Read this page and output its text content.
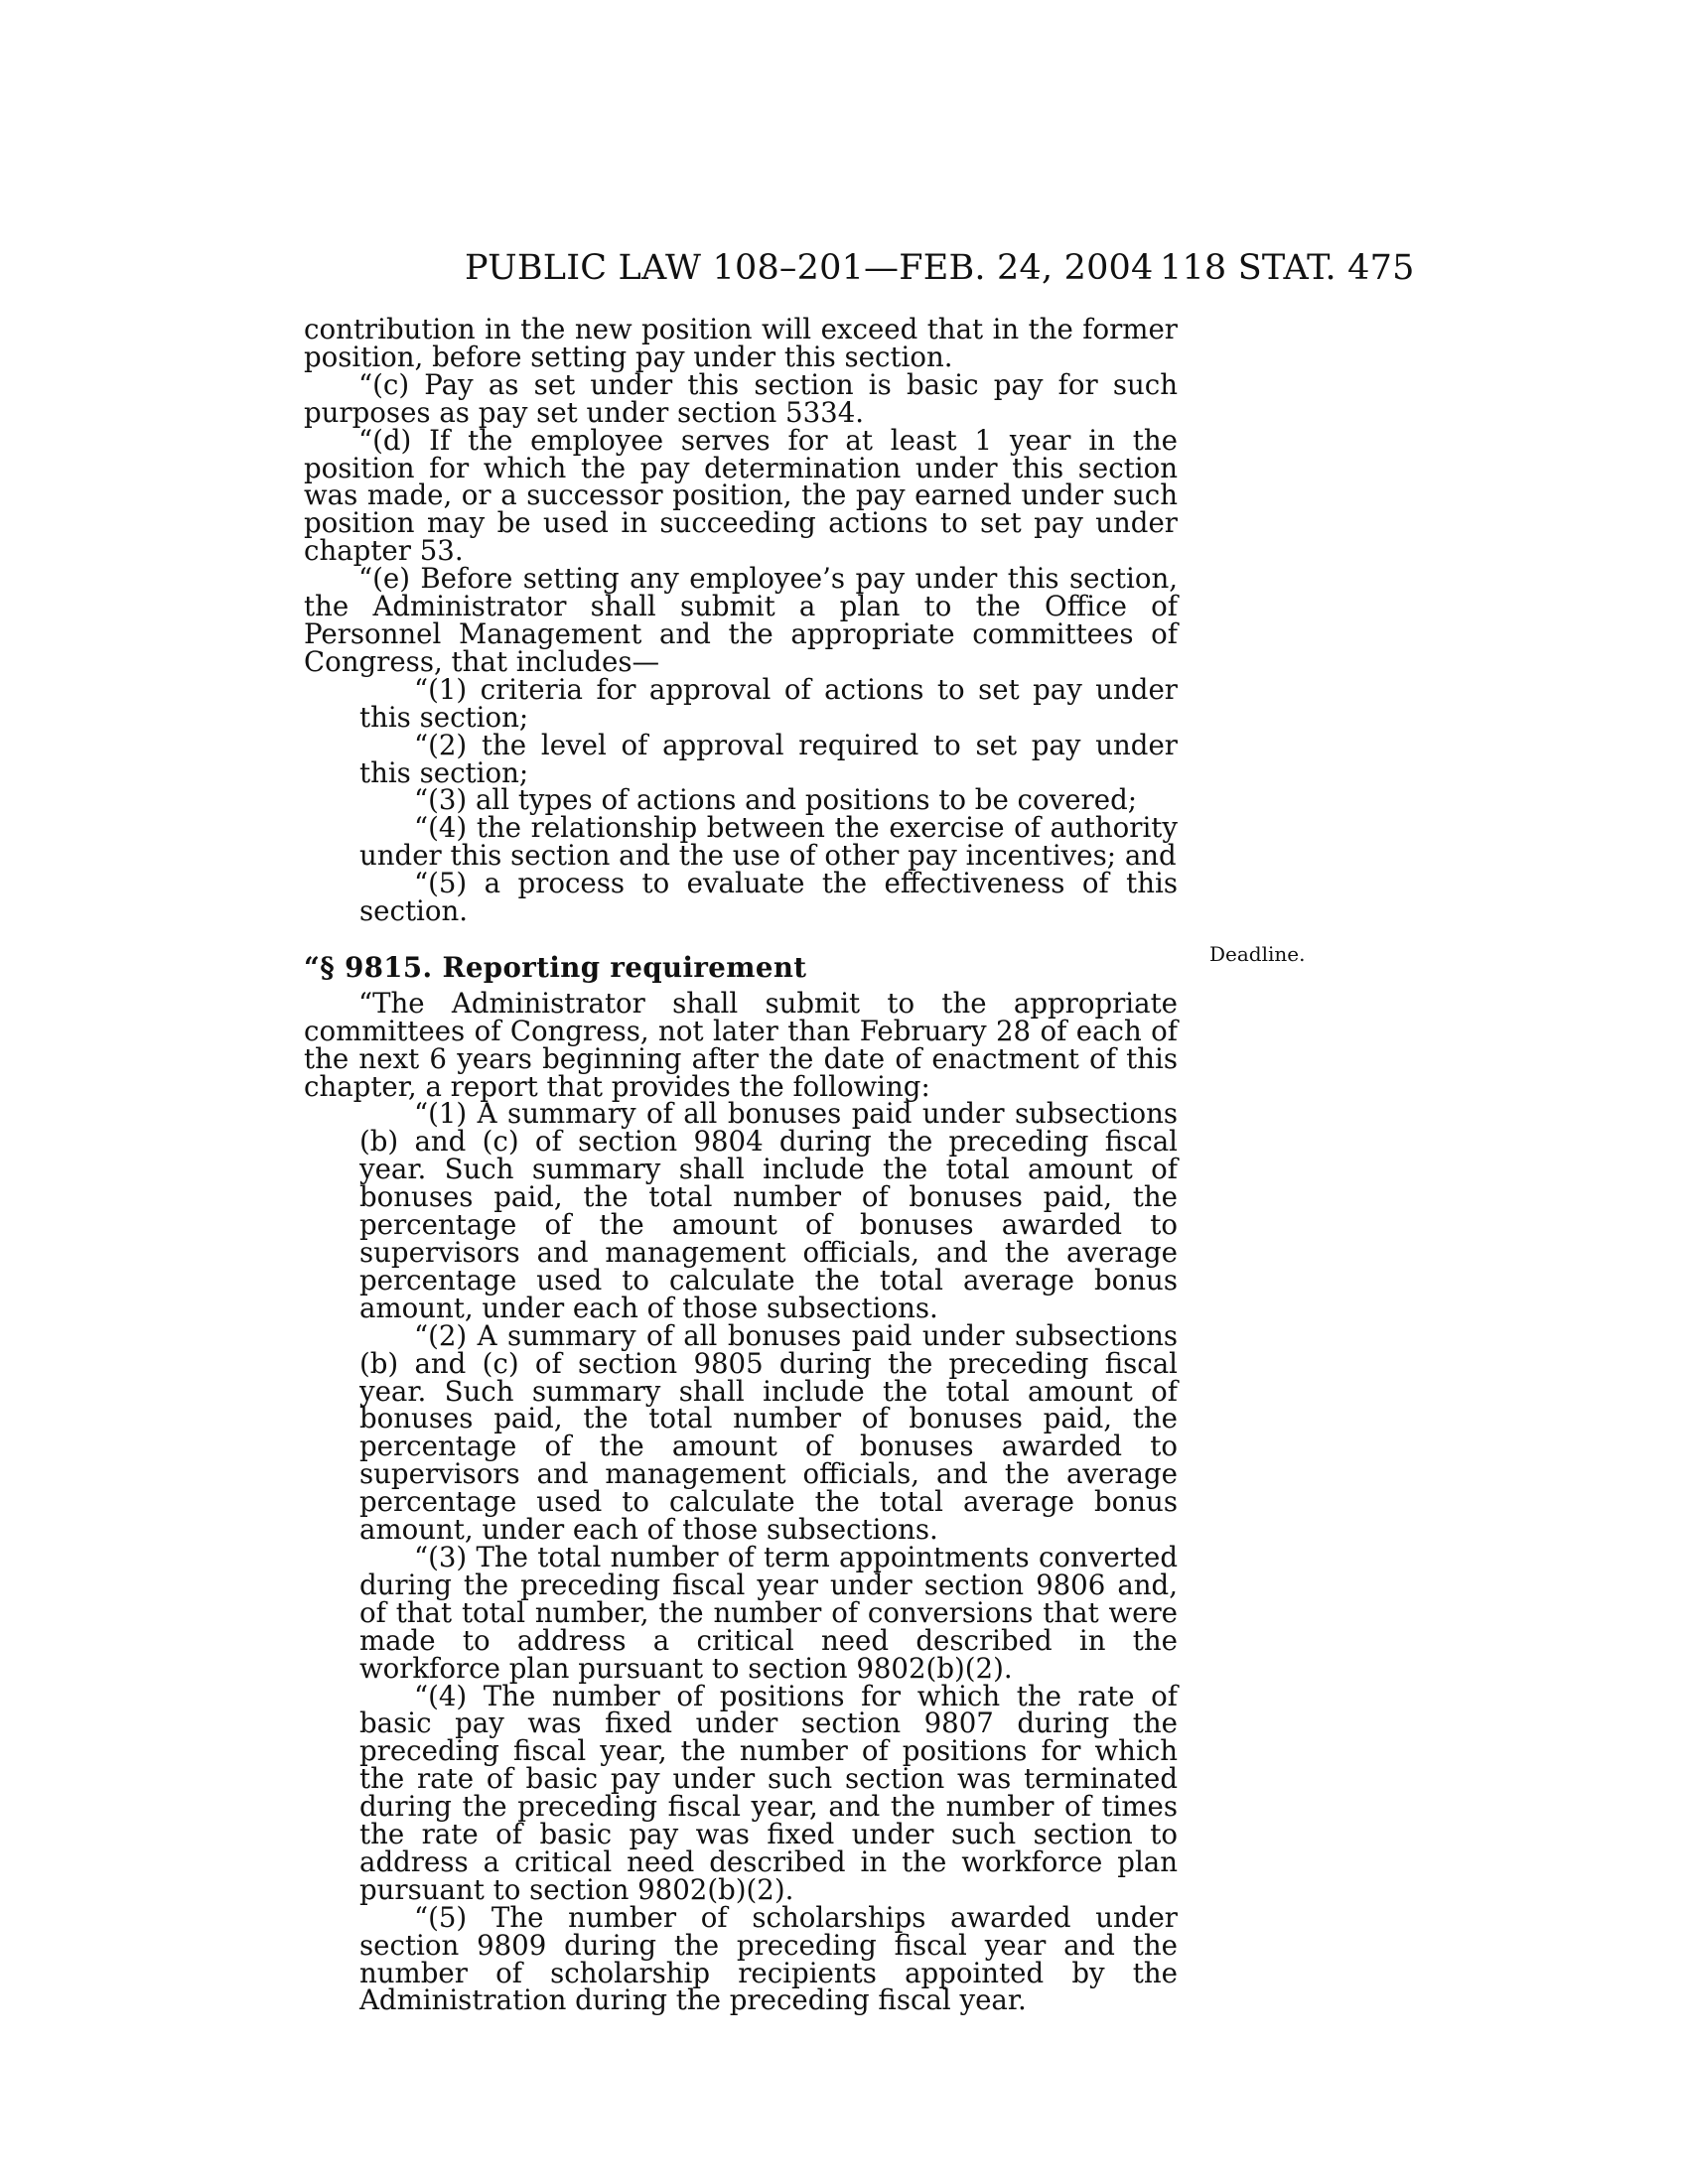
PUBLIC LAW 108–201—FEB. 24, 2004 118 STAT. 475

contribution in the new position will exceed that in the former position, before setting pay under this section.

“(c) Pay as set under this section is basic pay for such purposes as pay set under section 5334.

“(d) If the employee serves for at least 1 year in the position for which the pay determination under this section was made, or a successor position, the pay earned under such position may be used in succeeding actions to set pay under chapter 53.

“(e) Before setting any employee’s pay under this section, the Administrator shall submit a plan to the Office of Personnel Management and the appropriate committees of Congress, that includes—

“(1) criteria for approval of actions to set pay under this section;

“(2) the level of approval required to set pay under this section;

“(3) all types of actions and positions to be covered;

“(4) the relationship between the exercise of authority under this section and the use of other pay incentives; and

“(5) a process to evaluate the effectiveness of this section.

“§ 9815. Reporting requirement

“The Administrator shall submit to the appropriate committees of Congress, not later than February 28 of each of the next 6 years beginning after the date of enactment of this chapter, a report that provides the following:

“(1) A summary of all bonuses paid under subsections (b) and (c) of section 9804 during the preceding fiscal year. Such summary shall include the total amount of bonuses paid, the total number of bonuses paid, the percentage of the amount of bonuses awarded to supervisors and management officials, and the average percentage used to calculate the total average bonus amount, under each of those subsections.

“(2) A summary of all bonuses paid under subsections (b) and (c) of section 9805 during the preceding fiscal year. Such summary shall include the total amount of bonuses paid, the total number of bonuses paid, the percentage of the amount of bonuses awarded to supervisors and management officials, and the average percentage used to calculate the total average bonus amount, under each of those subsections.

“(3) The total number of term appointments converted during the preceding fiscal year under section 9806 and, of that total number, the number of conversions that were made to address a critical need described in the workforce plan pursuant to section 9802(b)(2).

“(4) The number of positions for which the rate of basic pay was fixed under section 9807 during the preceding fiscal year, the number of positions for which the rate of basic pay under such section was terminated during the preceding fiscal year, and the number of times the rate of basic pay was fixed under such section to address a critical need described in the workforce plan pursuant to section 9802(b)(2).

“(5) The number of scholarships awarded under section 9809 during the preceding fiscal year and the number of scholarship recipients appointed by the Administration during the preceding fiscal year.

Deadline.
